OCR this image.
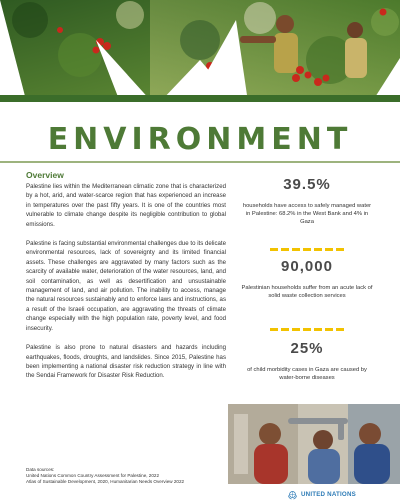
ENVIRONMENT
Overview

Palestine lies within the Mediterranean climatic zone that is characterized by a hot, arid, and water-scarce region that has experienced an increase in temperatures over the past fifty years. It is one of the countries most vulnerable to climate change despite its negligible contribution to global emissions.

Palestine is facing substantial environmental challenges due to its delicate environmental resources, lack of sovereignty and its limited financial assets. These challenges are aggravated by many factors such as the scarcity of available water, deterioration of the water resources, land, and soil contamination, as well as desertification and unsustainable management of land, and air pollution. The inability to access, manage the natural resources sustainably and to enforce laws and instructions, as a result of the Israeli occupation, are aggravating the threats of climate change especially with the high population rate, poverty level, and food insecurity.

Palestine is also prone to natural disasters and hazards including earthquakes, floods, droughts, and landslides. Since 2015, Palestine has been implementing a national disaster risk reduction strategy in line with the Sendai Framework for Disaster Risk Reduction.

Data sources:
United Nations Common Country Assessment for Palestine, 2022
Atlas of Sustainable Development, 2020, Humanitarian Needs Overview 2022
39.5%
households have access to safely managed water in Palestine: 68.2% in the West Bank and 4% in Gaza
90,000
Palestinian households suffer from an acute lack of solid waste collection services
25%
of child morbidity cases in Gaza are caused by water-borne diseases
UNITED NATIONS
